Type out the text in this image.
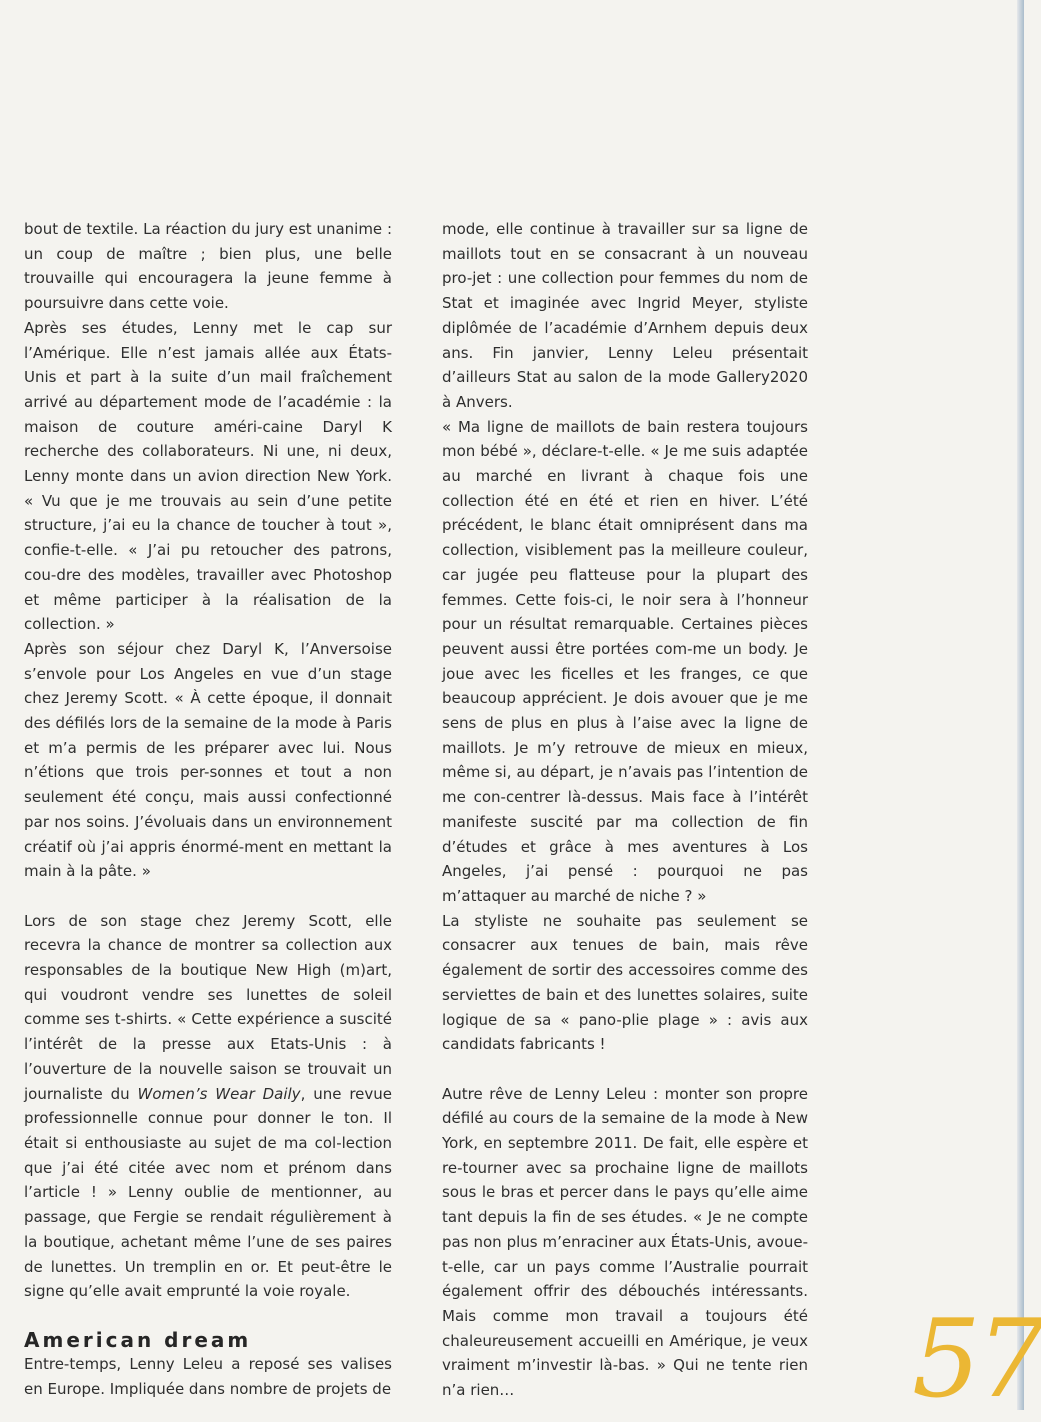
bout de textile. La réaction du jury est unanime : un coup de maître ; bien plus, une belle trouvaille qui encouragera la jeune femme à poursuivre dans cette voie.

Après ses études, Lenny met le cap sur l’Amérique. Elle n’est jamais allée aux États-Unis et part à la suite d’un mail fraîchement arrivé au département mode de l’académie : la maison de couture améri-caine Daryl K recherche des collaborateurs. Ni une, ni deux, Lenny monte dans un avion direction New York. « Vu que je me trouvais au sein d’une petite structure, j’ai eu la chance de toucher à tout », confie-t-elle. « J’ai pu retoucher des patrons, cou-dre des modèles, travailler avec Photoshop et même participer à la réalisation de la collection. »

Après son séjour chez Daryl K, l’Anversoise s’envole pour Los Angeles en vue d’un stage chez Jeremy Scott. « À cette époque, il donnait des défilés lors de la semaine de la mode à Paris et m’a permis de les préparer avec lui. Nous n’étions que trois per-sonnes et tout a non seulement été conçu, mais aussi confectionné par nos soins. J’évoluais dans un environnement créatif où j’ai appris énormé-ment en mettant la main à la pâte. »

Lors de son stage chez Jeremy Scott, elle recevra la chance de montrer sa collection aux responsables de la boutique New High (m)art, qui voudront vendre ses lunettes de soleil comme ses t-shirts. « Cette expérience a suscité l’intérêt de la presse aux Etats-Unis : à l’ouverture de la nouvelle saison se trouvait un journaliste du Women’s Wear Daily, une revue professionnelle connue pour donner le ton. Il était si enthousiaste au sujet de ma col-lection que j’ai été citée avec nom et prénom dans l’article ! » Lenny oublie de mentionner, au passage, que Fergie se rendait régulièrement à la boutique, achetant même l’une de ses paires de lunettes. Un tremplin en or. Et peut-être le signe qu’elle avait emprunté la voie royale.

American dream

Entre-temps, Lenny Leleu a reposé ses valises en Europe. Impliquée dans nombre de projets de

mode, elle continue à travailler sur sa ligne de maillots tout en se consacrant à un nouveau pro-jet : une collection pour femmes du nom de Stat et imaginée avec Ingrid Meyer, styliste diplômée de l’académie d’Arnhem depuis deux ans. Fin janvier, Lenny Leleu présentait d’ailleurs Stat au salon de la mode Gallery2020 à Anvers.

« Ma ligne de maillots de bain restera toujours mon bébé », déclare-t-elle. « Je me suis adaptée au marché en livrant à chaque fois une collection été en été et rien en hiver. L’été précédent, le blanc était omniprésent dans ma collection, visiblement pas la meilleure couleur, car jugée peu flatteuse pour la plupart des femmes. Cette fois-ci, le noir sera à l’honneur pour un résultat remarquable. Certaines pièces peuvent aussi être portées com-me un body. Je joue avec les ficelles et les franges, ce que beaucoup apprécient. Je dois avouer que je me sens de plus en plus à l’aise avec la ligne de maillots. Je m’y retrouve de mieux en mieux, même si, au départ, je n’avais pas l’intention de me con-centrer là-dessus. Mais face à l’intérêt manifeste suscité par ma collection de fin d’études et grâce à mes aventures à Los Angeles, j’ai pensé : pourquoi ne pas m’attaquer au marché de niche ? »

La styliste ne souhaite pas seulement se consacrer aux tenues de bain, mais rêve également de sortir des accessoires comme des serviettes de bain et des lunettes solaires, suite logique de sa « pano-plie plage » : avis aux candidats fabricants !

Autre rêve de Lenny Leleu : monter son propre défilé au cours de la semaine de la mode à New York, en septembre 2011. De fait, elle espère et re-tourner avec sa prochaine ligne de maillots sous le bras et percer dans le pays qu’elle aime tant depuis la fin de ses études. « Je ne compte pas non plus m’enraciner aux États-Unis, avoue-t-elle, car un pays comme l’Australie pourrait également offrir des débouchés intéressants. Mais comme mon travail a toujours été chaleureusement accueilli en Amérique, je veux vraiment m’investir là-bas. » Qui ne tente rien n’a rien…	57
